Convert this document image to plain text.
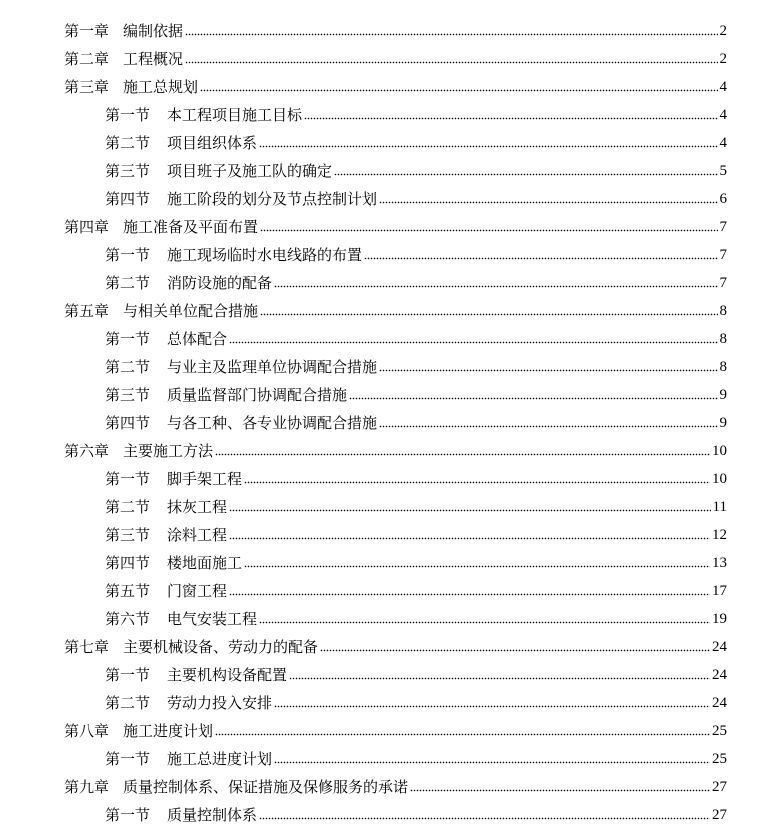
第一章 编制依据	2
第二章 工程概况	2
第三章 施工总规划	4
第一节	本工程项目施工目标	4
第二节	项目组织体系	4
第三节	项目班子及施工队的确定	5
第四节	施工阶段的划分及节点控制计划	6
第四章 施工准备及平面布置	7
第一节	施工现场临时水电线路的布置	7
第二节	消防设施的配备	7
第五章 与相关单位配合措施	8
第一节	总体配合	8
第二节	与业主及监理单位协调配合措施	8
第三节	质量监督部门协调配合措施	9
第四节	与各工种、各专业协调配合措施	9
第六章 主要施工方法	10
第一节	脚手架工程	10
第二节	抹灰工程	11
第三节	涂料工程	12
第四节	楼地面施工	13
第五节	门窗工程	17
第六节	电气安装工程	19
第七章 主要机械设备、劳动力的配备	24
第一节	主要机构设备配置	24
第二节	劳动力投入安排	24
第八章 施工进度计划	25
第一节	施工总进度计划	25
第九章 质量控制体系、保证措施及保修服务的承诺	27
第一节	质量控制体系	27
